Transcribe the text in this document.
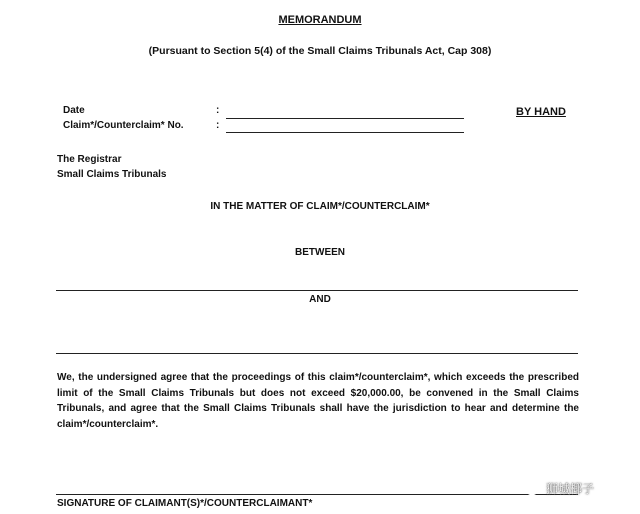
MEMORANDUM
(Pursuant to Section 5(4) of the Small Claims Tribunals Act, Cap 308)
Date	:
Claim*/Counterclaim* No.	:
BY HAND
The Registrar
Small Claims Tribunals
IN THE MATTER OF CLAIM*/COUNTERCLAIM*
BETWEEN
AND
We, the undersigned agree that the proceedings of this claim*/counterclaim*, which exceeds the prescribed limit of the Small Claims Tribunals but does not exceed $20,000.00, be convened in the Small Claims Tribunals, and agree that the Small Claims Tribunals shall have the jurisdiction to hear and determine the claim*/counterclaim*.
SIGNATURE OF CLAIMANT(S)*/COUNTERCLAIMANT*
狮城椰子
